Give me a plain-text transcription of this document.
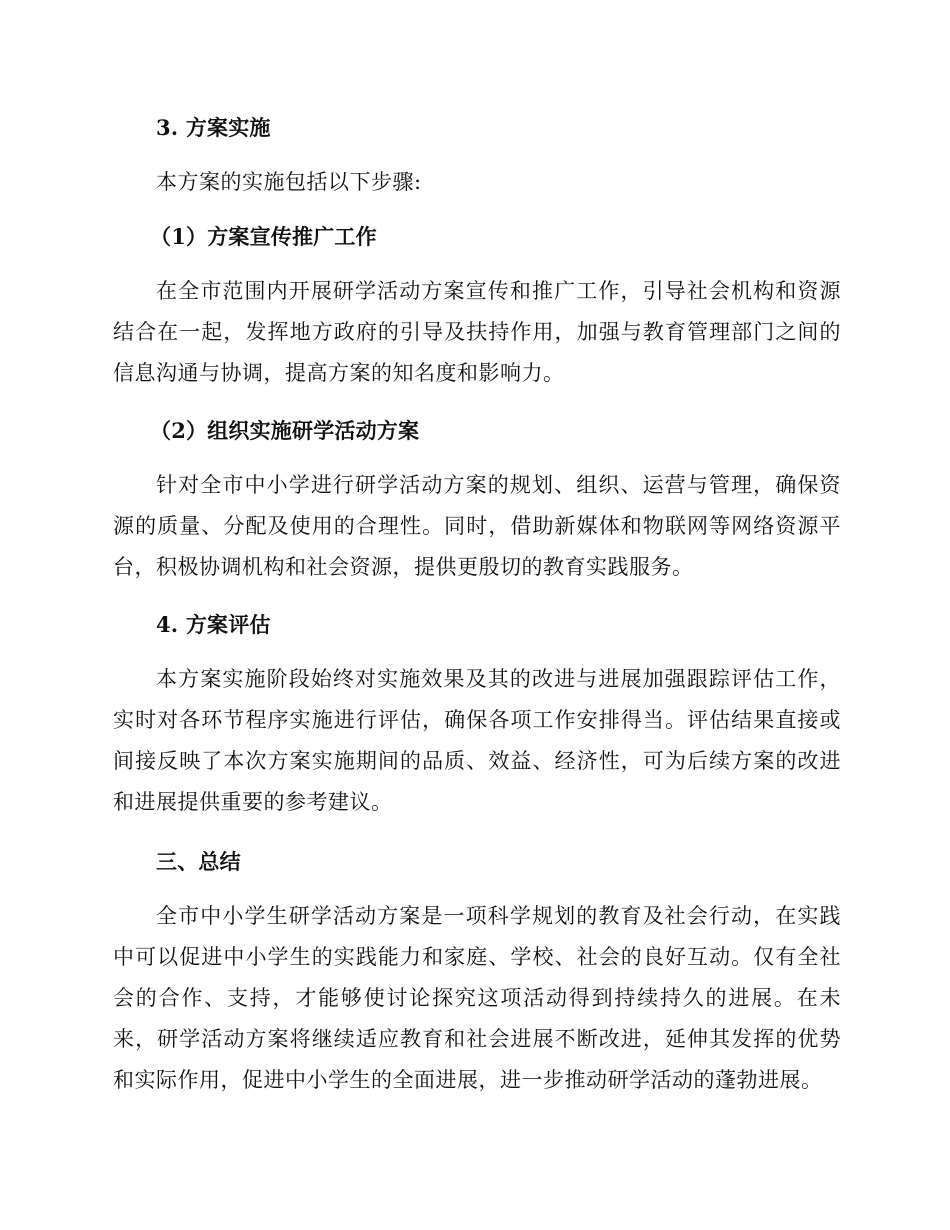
3. 方案实施
本方案的实施包括以下步骤:
（1）方案宣传推广工作
在全市范围内开展研学活动方案宣传和推广工作，引导社会机构和资源结合在一起，发挥地方政府的引导及扶持作用，加强与教育管理部门之间的信息沟通与协调，提高方案的知名度和影响力。
（2）组织实施研学活动方案
针对全市中小学进行研学活动方案的规划、组织、运营与管理，确保资源的质量、分配及使用的合理性。同时，借助新媒体和物联网等网络资源平台，积极协调机构和社会资源，提供更殷切的教育实践服务。
4. 方案评估
本方案实施阶段始终对实施效果及其的改进与进展加强跟踪评估工作，实时对各环节程序实施进行评估，确保各项工作安排得当。评估结果直接或间接反映了本次方案实施期间的品质、效益、经济性，可为后续方案的改进和进展提供重要的参考建议。
三、总结
全市中小学生研学活动方案是一项科学规划的教育及社会行动，在实践中可以促进中小学生的实践能力和家庭、学校、社会的良好互动。仅有全社会的合作、支持，才能够使讨论探究这项活动得到持续持久的进展。在未来，研学活动方案将继续适应教育和社会进展不断改进，延伸其发挥的优势和实际作用，促进中小学生的全面进展，进一步推动研学活动的蓬勃进展。
